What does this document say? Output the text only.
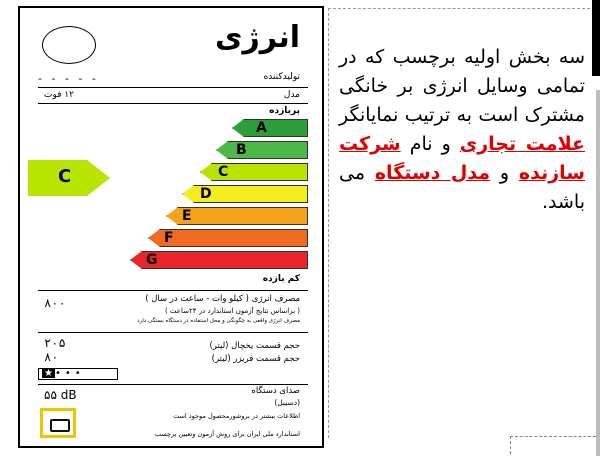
انرژی
- - - - -	تولیدکننده
۱۲ فوت	مدل
پربازده
A
B
C
D
E
F
G
C
کم بازده
۸۰۰	مصرف انرژی ( کیلو وات - ساعت در سال )
( براساس نتایج آزمون استاندارد در ۲۴ساعت )
مصرف انرژی واقعی به چگونگی و محل استفاده در دستگاه بستگی دارد
۲۰۵	حجم قسمت یخچال (لیتر)
۸۰	حجم قسمت فریزر (لیتر)
★ •••
۵۵ dB	صدای دستگاه
(دسیبل)
اطلاعات بیشتر در بروشورمحصول موجود است
استاندارد ملی ایران برای روش آزمون وتعیین برچسب

سه بخش اولیه برچسب که در تمامی وسایل انرژی بر خانگی مشترک است به ترتیب نمایانگر علامت تجاری و نام شرکت سازنده و مدل دستگاه می باشد.
